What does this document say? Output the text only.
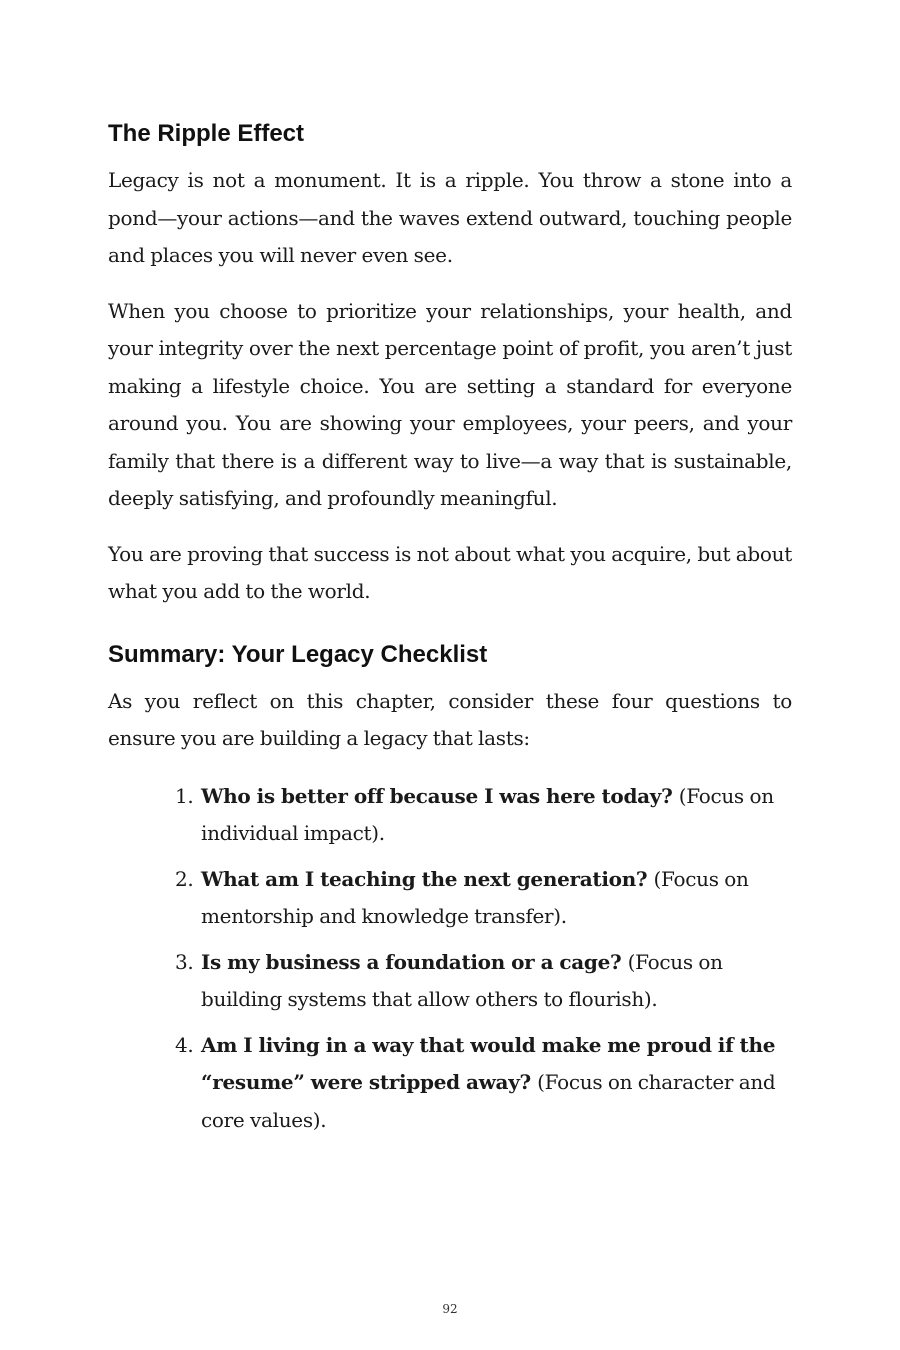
The Ripple Effect

Legacy is not a monument. It is a ripple. You throw a stone into a pond—your actions—and the waves extend outward, touching people and places you will never even see.

When you choose to prioritize your relationships, your health, and your integrity over the next percentage point of profit, you aren’t just making a lifestyle choice. You are setting a standard for everyone around you. You are showing your employees, your peers, and your family that there is a different way to live—a way that is sustainable, deeply satisfying, and profoundly meaningful.

You are proving that success is not about what you acquire, but about what you add to the world.

Summary: Your Legacy Checklist

As you reflect on this chapter, consider these four questions to ensure you are building a legacy that lasts:

1. Who is better off because I was here today? (Focus on individual impact).
2. What am I teaching the next generation? (Focus on mentorship and knowledge transfer).
3. Is my business a foundation or a cage? (Focus on building systems that allow others to flourish).
4. Am I living in a way that would make me proud if the “resume” were stripped away? (Focus on character and core values).
92
